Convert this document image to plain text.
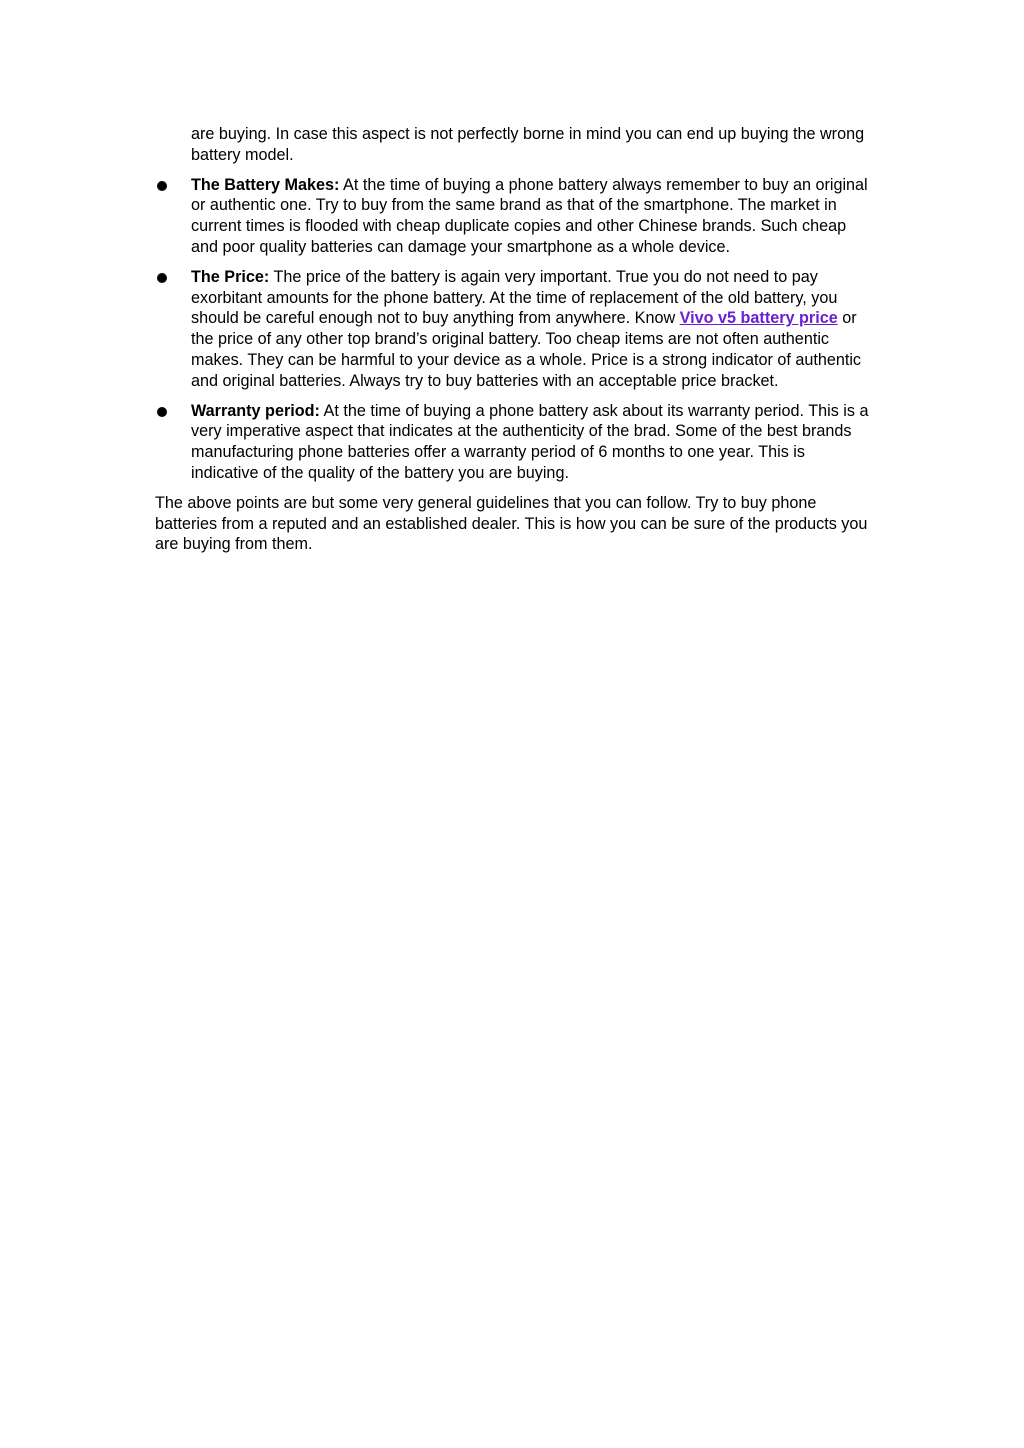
are buying. In case this aspect is not perfectly borne in mind you can end up buying the wrong battery model.
The Battery Makes: At the time of buying a phone battery always remember to buy an original or authentic one. Try to buy from the same brand as that of the smartphone. The market in current times is flooded with cheap duplicate copies and other Chinese brands. Such cheap and poor quality batteries can damage your smartphone as a whole device.
The Price: The price of the battery is again very important. True you do not need to pay exorbitant amounts for the phone battery. At the time of replacement of the old battery, you should be careful enough not to buy anything from anywhere. Know Vivo v5 battery price or the price of any other top brand’s original battery. Too cheap items are not often authentic makes. They can be harmful to your device as a whole. Price is a strong indicator of authentic and original batteries. Always try to buy batteries with an acceptable price bracket.
Warranty period: At the time of buying a phone battery ask about its warranty period. This is a very imperative aspect that indicates at the authenticity of the brad. Some of the best brands manufacturing phone batteries offer a warranty period of 6 months to one year. This is indicative of the quality of the battery you are buying.

The above points are but some very general guidelines that you can follow. Try to buy phone batteries from a reputed and an established dealer. This is how you can be sure of the products you are buying from them.
